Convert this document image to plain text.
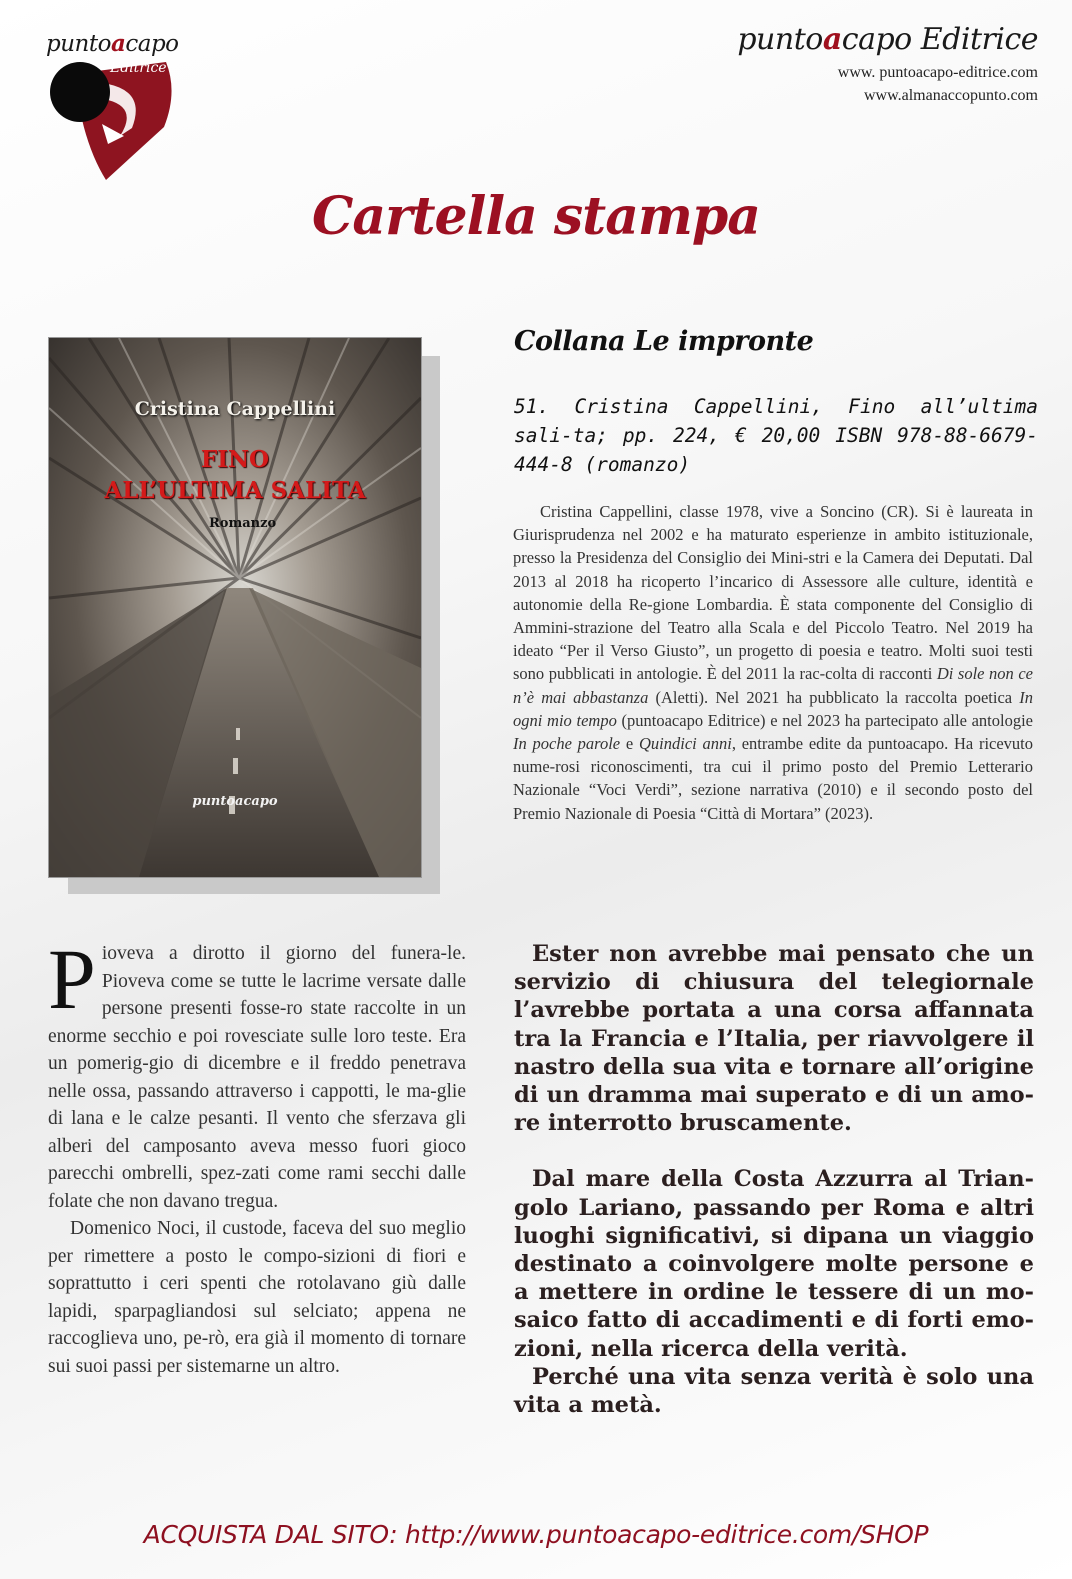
puntoacapo
Editrice
puntoacapo Editrice
www. puntoacapo-editrice.com
www.almanaccopunto.com
Cartella stampa
Cristina Cappellini
FINO
ALL’ULTIMA SALITA
Romanzo
puntoacapo
Collana Le impronte
51. Cristina Cappellini, Fino all’ultima sali-ta; pp. 224, € 20,00 ISBN 978-88-6679-444-8 (romanzo)
Cristina Cappellini, classe 1978, vive a Soncino (CR). Si è laureata in Giurisprudenza nel 2002 e ha maturato esperienze in ambito istituzionale, presso la Presidenza del Consiglio dei Mini-stri e la Camera dei Deputati. Dal 2013 al 2018 ha ricoperto l’incarico di Assessore alle culture, identità e autonomie della Re-gione Lombardia. È stata componente del Consiglio di Ammini-strazione del Teatro alla Scala e del Piccolo Teatro. Nel 2019 ha ideato “Per il Verso Giusto”, un progetto di poesia e teatro. Molti suoi testi sono pubblicati in antologie. È del 2011 la rac-colta di racconti Di sole non ce n’è mai abbastanza (Aletti). Nel 2021 ha pubblicato la raccolta poetica In ogni mio tempo (puntoacapo Editrice) e nel 2023 ha partecipato alle antologie In poche parole e Quindici anni, entrambe edite da puntoacapo. Ha ricevuto nume-rosi riconoscimenti, tra cui il primo posto del Premio Letterario Nazionale “Voci Verdi”, sezione narrativa (2010) e il secondo posto del Premio Nazionale di Poesia “Città di Mortara” (2023).

Pioveva a dirotto il giorno del funera-le. Pioveva come se tutte le lacrime versate dalle persone presenti fosse-ro state raccolte in un enorme secchio e poi rovesciate sulle loro teste. Era un pomerig-gio di dicembre e il freddo penetrava nelle ossa, passando attraverso i cappotti, le ma-glie di lana e le calze pesanti. Il vento che sferzava gli alberi del camposanto aveva messo fuori gioco parecchi ombrelli, spez-zati come rami secchi dalle folate che non davano tregua.

Domenico Noci, il custode, faceva del suo meglio per rimettere a posto le compo-sizioni di fiori e soprattutto i ceri spenti che rotolavano giù dalle lapidi, sparpagliandosi sul selciato; appena ne raccoglieva uno, pe-rò, era già il momento di tornare sui suoi passi per sistemarne un altro.

Ester non avrebbe mai pensato che un servizio di chiusura del telegiornale l’avrebbe portata a una corsa affannata tra la Francia e l’Italia, per riavvolgere il nastro della sua vita e tornare all’origine di un dramma mai superato e di un amo-re interrotto bruscamente.

Dal mare della Costa Azzurra al Trian-golo Lariano, passando per Roma e altri luoghi significativi, si dipana un viaggio destinato a coinvolgere molte persone e a mettere in ordine le tessere di un mo-saico fatto di accadimenti e di forti emo-zioni, nella ricerca della verità.

Perché una vita senza verità è solo una vita a metà.

ACQUISTA DAL SITO: http://www.puntoacapo-editrice.com/SHOP
